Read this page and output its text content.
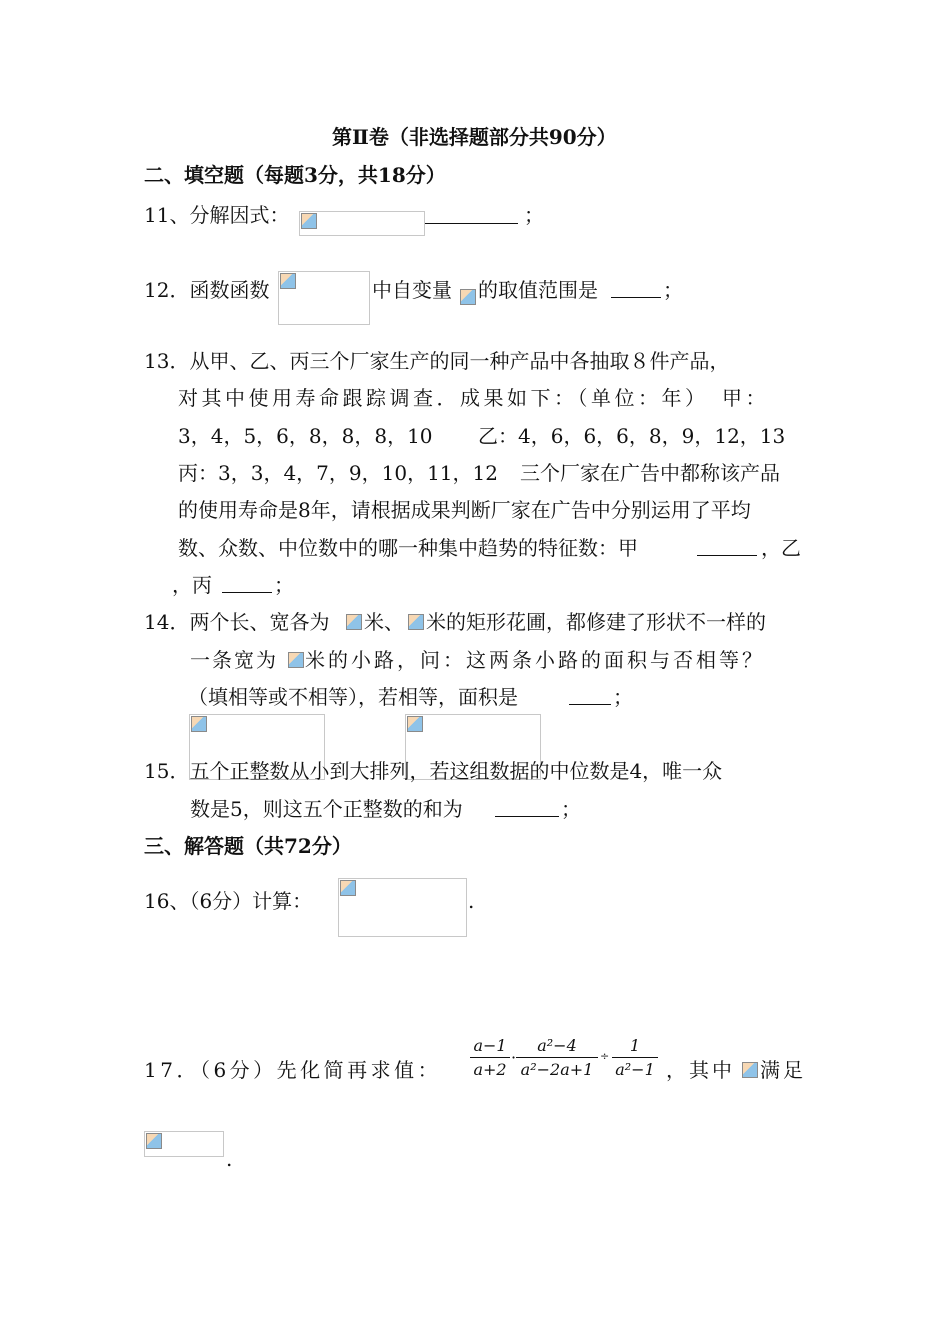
第Ⅱ卷（非选择题部分共90分）
二、填空题（每题3分，共18分）
11、分解因式：	；
12．函数函数	中自变量 的取值范围是	；
13．从甲、乙、丙三个厂家生产的同一种产品中各抽取８件产品，
对其中使用寿命跟踪调查．成果如下：（单位：年）　甲：
3，4，5，6，8，8，8，10 乙：4，6，6，6，8，9，12，13
丙：3，3，4，7，9，10，11，12 三个厂家在广告中都称该产品
的使用寿命是8年，请根据成果判断厂家在广告中分别运用了平均
数、众数、中位数中的哪一种集中趋势的特征数：甲	，乙
，丙	；
14．两个长、宽各为 米、 米的矩形花圃，都修建了形状不一样的
一条宽为 米的小路，问：这两条小路的面积与否相等？
（填相等或不相等），若相等，面积是	；
15．五个正整数从小到大排列，若这组数据的中位数是4，唯一众
数是5，则这五个正整数的和为	；
三、解答题（共72分）
16、（6分）计算：	.
17．（6分）先化简再求值： $\frac{a-1}{a+2} \cdot \frac{\text{a²−4}}{\text{a²−2a+1}} \div \frac{1}{\text{a²−1}}$ ，其中 满足
.
